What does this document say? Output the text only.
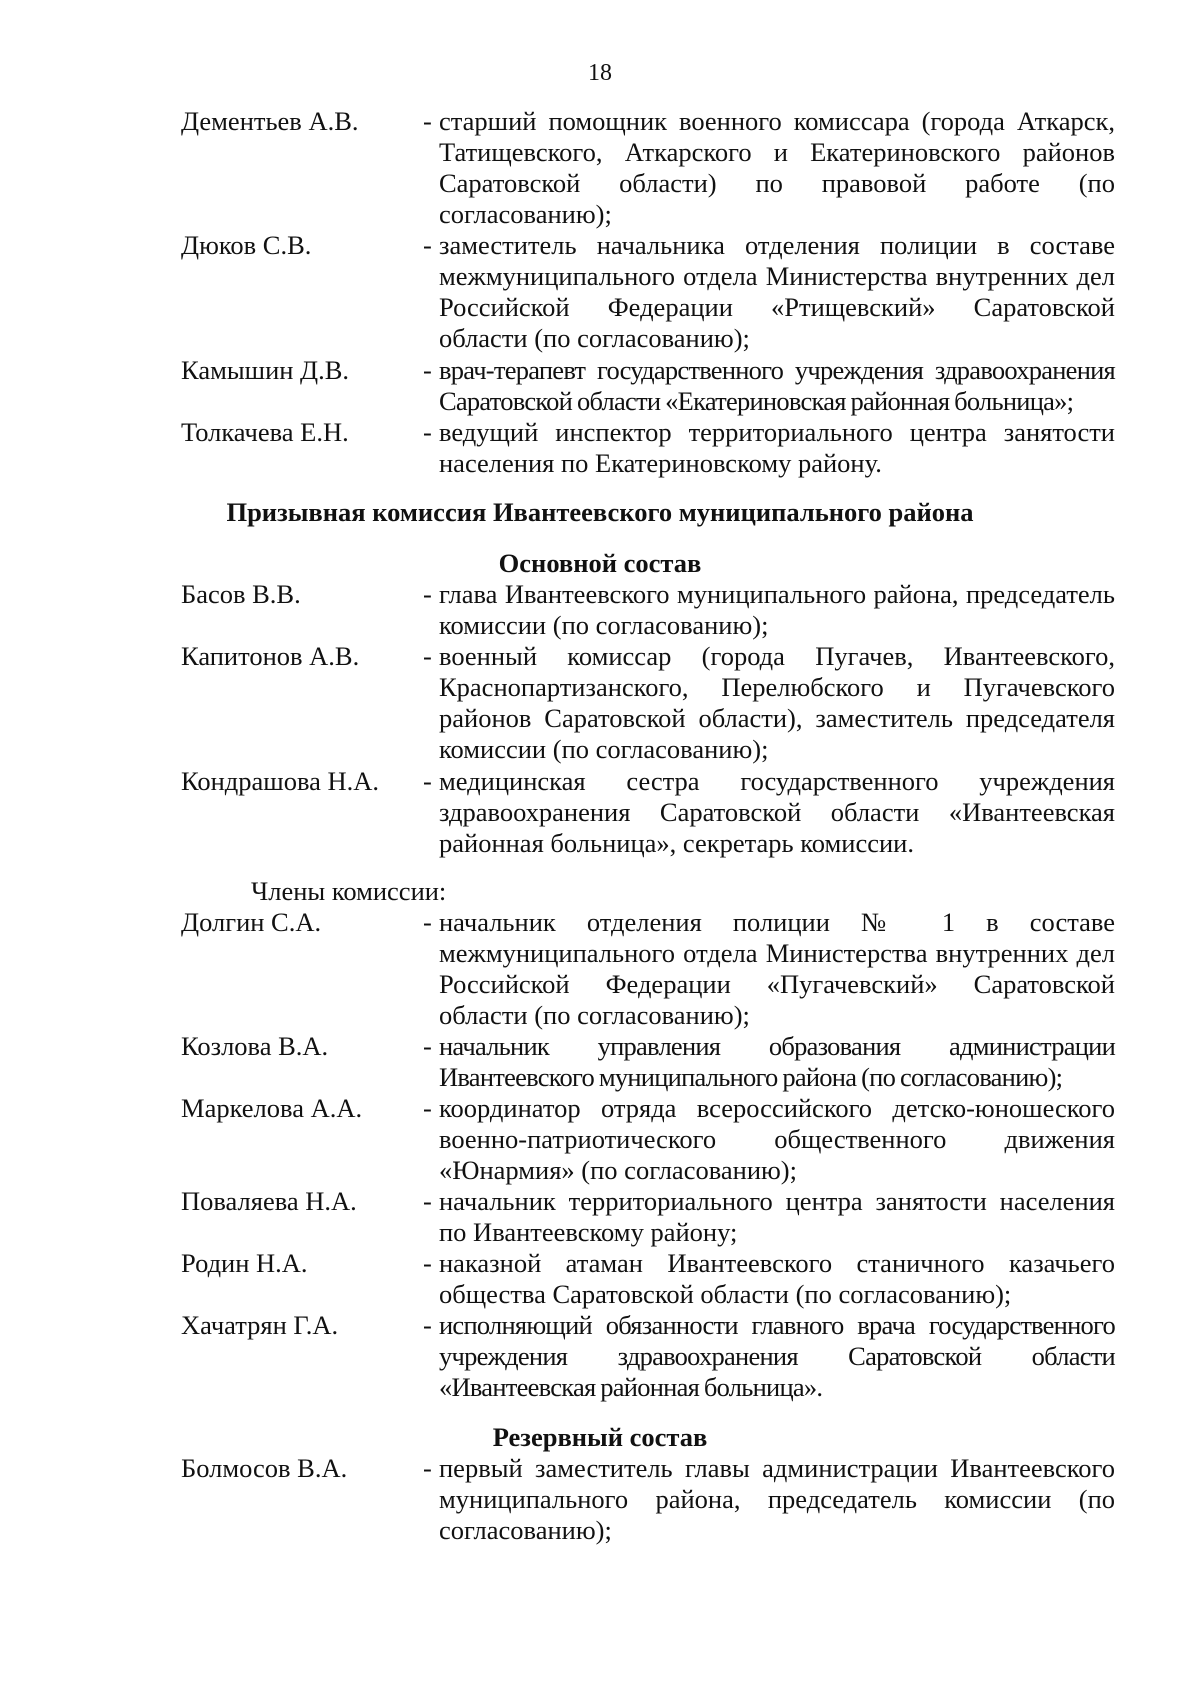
18
Дементьев А.В. - старший помощник военного комиссара (города Аткарск, Татищевского, Аткарского и Екатериновского районов Саратовской области) по правовой работе (по согласованию);
Дюков С.В.	- заместитель начальника отделения полиции в составе межмуниципального отдела Министерства внутренних дел Российской Федерации «Ртищевский» Саратовской области (по согласованию);
Камышин Д.В.	- врач-терапевт государственного учреждения здравоохранения Саратовской области «Екатериновская районная больница»;
Толкачева Е.Н.	- ведущий инспектор территориального центра занятости населения по Екатериновскому району.
Призывная комиссия Ивантеевского муниципального района
Основной состав
Басов В.В.	- глава Ивантеевского муниципального района, председатель комиссии (по согласованию);
Капитонов А.В. - военный комиссар (города Пугачев, Ивантеевского, Краснопартизанского, Перелюбского и Пугачевского районов Саратовской области), заместитель председателя комиссии (по согласованию);
Кондрашова Н.А. - медицинская сестра государственного учреждения здравоохранения Саратовской области «Ивантеевская районная больница», секретарь комиссии.
Члены комиссии:
Долгин С.А.	- начальник отделения полиции № 1 в составе межмуниципального отдела Министерства внутренних дел Российской Федерации «Пугачевский» Саратовской области (по согласованию);
Козлова В.А.	- начальник управления образования администрации Ивантеевского муниципального района (по согласованию);
Маркелова А.А. - координатор отряда всероссийского детско-юношеского военно-патриотического общественного движения «Юнармия» (по согласованию);
Поваляева Н.А. - начальник территориального центра занятости населения по Ивантеевскому району;
Родин Н.А.	- наказной атаман Ивантеевского станичного казачьего общества Саратовской области (по согласованию);
Хачатрян Г.А.	- исполняющий обязанности главного врача государственного учреждения здравоохранения Саратовской области «Ивантеевская районная больница».
Резервный состав
Болмосов В.А.	- первый заместитель главы администрации Ивантеевского муниципального района, председатель комиссии (по согласованию);
